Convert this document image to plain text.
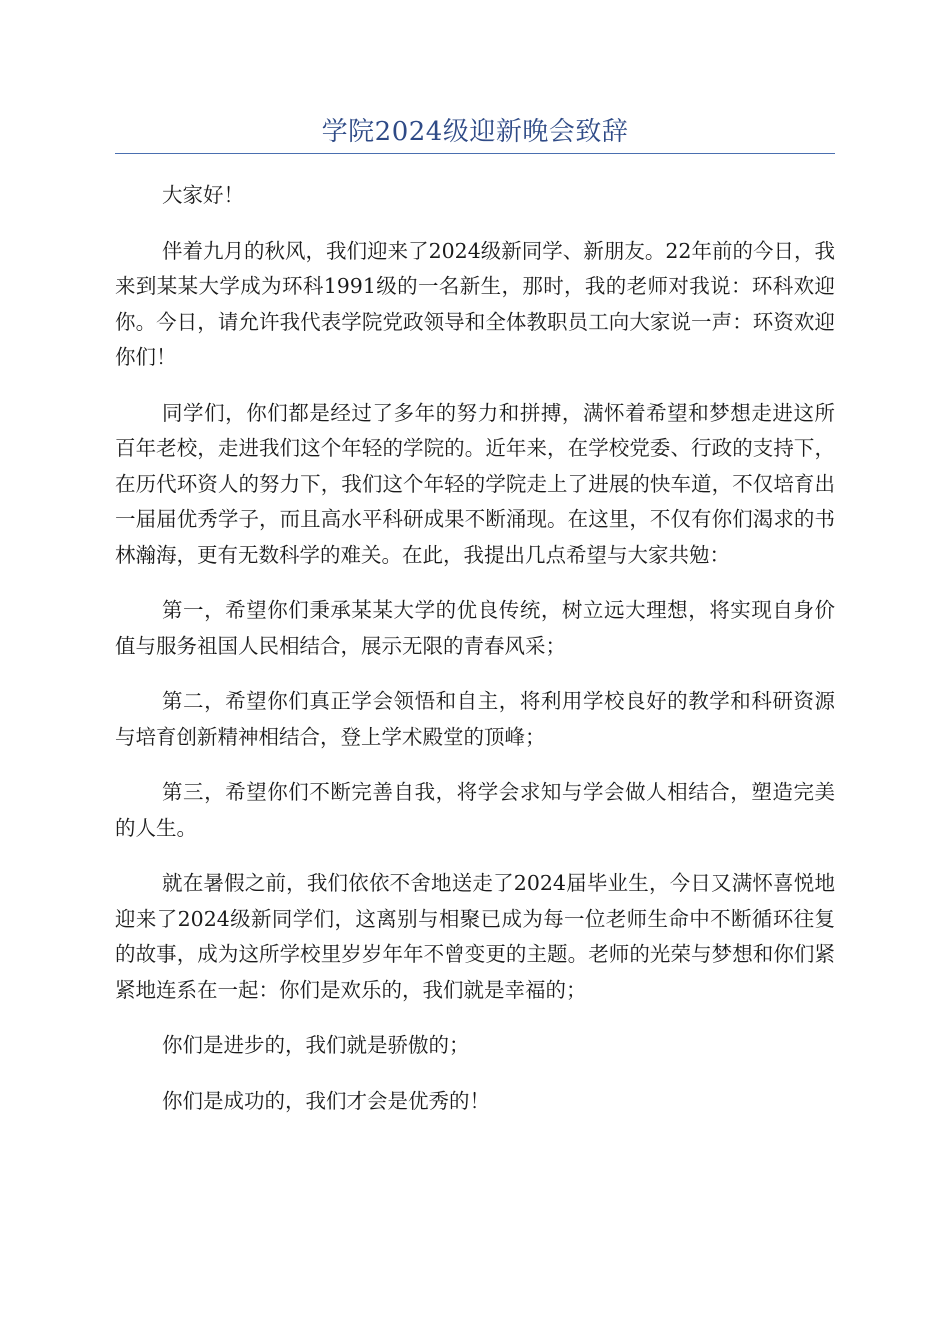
学院2024级迎新晚会致辞

大家好！

伴着九月的秋风，我们迎来了2024级新同学、新朋友。22年前的今日，我来到某某大学成为环科1991级的一名新生，那时，我的老师对我说：环科欢迎你。今日，请允许我代表学院党政领导和全体教职员工向大家说一声：环资欢迎你们！

同学们，你们都是经过了多年的努力和拼搏，满怀着希望和梦想走进这所百年老校，走进我们这个年轻的学院的。近年来，在学校党委、行政的支持下，在历代环资人的努力下，我们这个年轻的学院走上了进展的快车道，不仅培育出一届届优秀学子，而且高水平科研成果不断涌现。在这里，不仅有你们渴求的书林瀚海，更有无数科学的难关。在此，我提出几点希望与大家共勉：

第一，希望你们秉承某某大学的优良传统，树立远大理想，将实现自身价值与服务祖国人民相结合，展示无限的青春风采；

第二，希望你们真正学会领悟和自主，将利用学校良好的教学和科研资源与培育创新精神相结合，登上学术殿堂的顶峰；

第三，希望你们不断完善自我，将学会求知与学会做人相结合，塑造完美的人生。

就在暑假之前，我们依依不舍地送走了2024届毕业生，今日又满怀喜悦地迎来了2024级新同学们，这离别与相聚已成为每一位老师生命中不断循环往复的故事，成为这所学校里岁岁年年不曾变更的主题。老师的光荣与梦想和你们紧紧地连系在一起：你们是欢乐的，我们就是幸福的；

你们是进步的，我们就是骄傲的；

你们是成功的，我们才会是优秀的！
